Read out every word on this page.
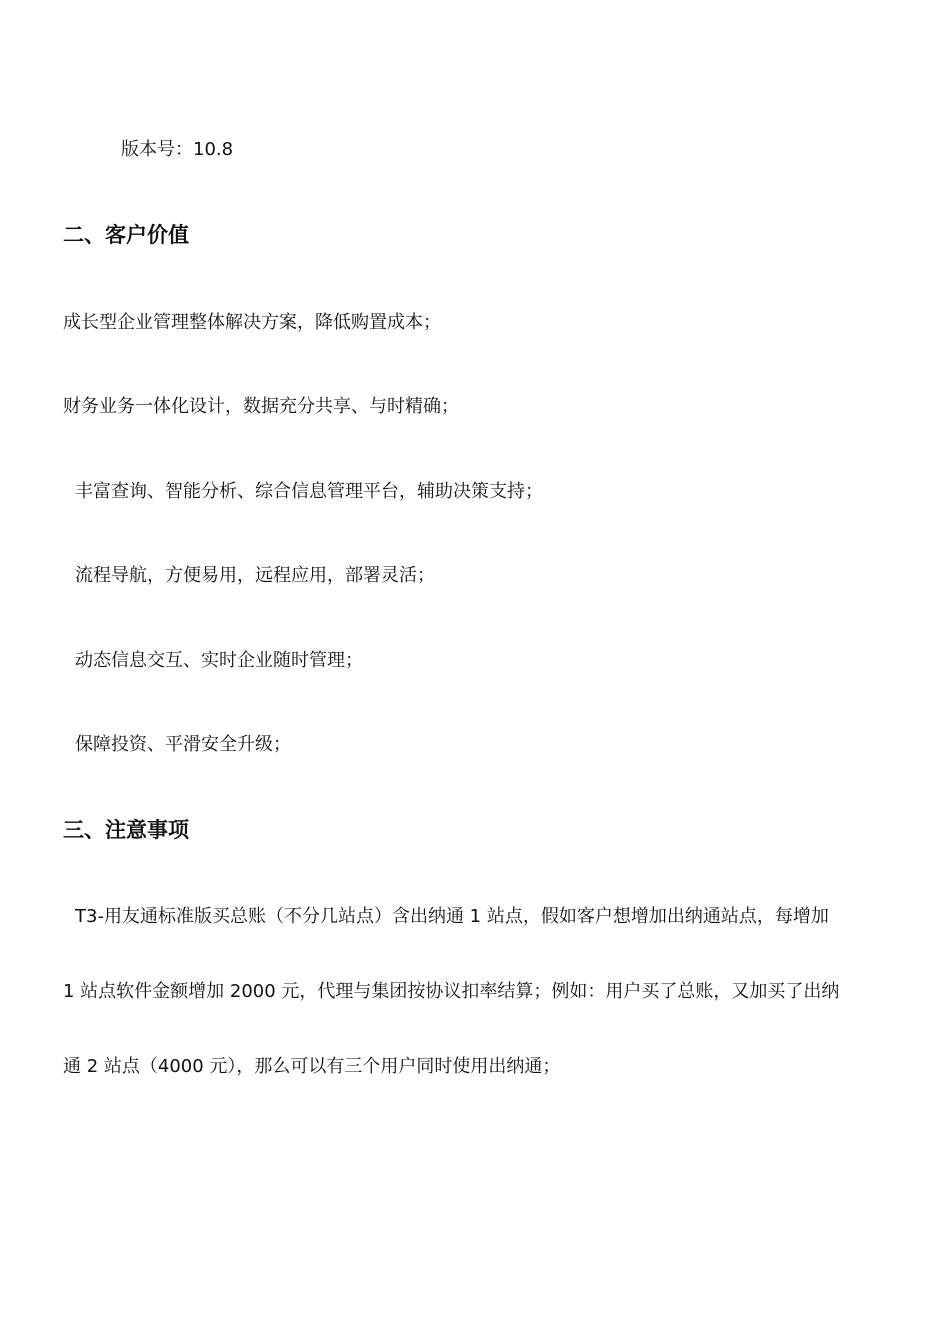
版本号：10.8
二、客户价值
成长型企业管理整体解决方案，降低购置成本；
财务业务一体化设计，数据充分共享、与时精确；
丰富查询、智能分析、综合信息管理平台，辅助决策支持；
流程导航，方便易用，远程应用，部署灵活；
动态信息交互、实时企业随时管理；
保障投资、平滑安全升级；
三、注意事项
T3-用友通标准版买总账（不分几站点）含出纳通 1 站点，假如客户想增加出纳通站点，每增加
1 站点软件金额增加 2000 元，代理与集团按协议扣率结算；例如：用户买了总账，又加买了出纳
通 2 站点（4000 元），那么可以有三个用户同时使用出纳通；
